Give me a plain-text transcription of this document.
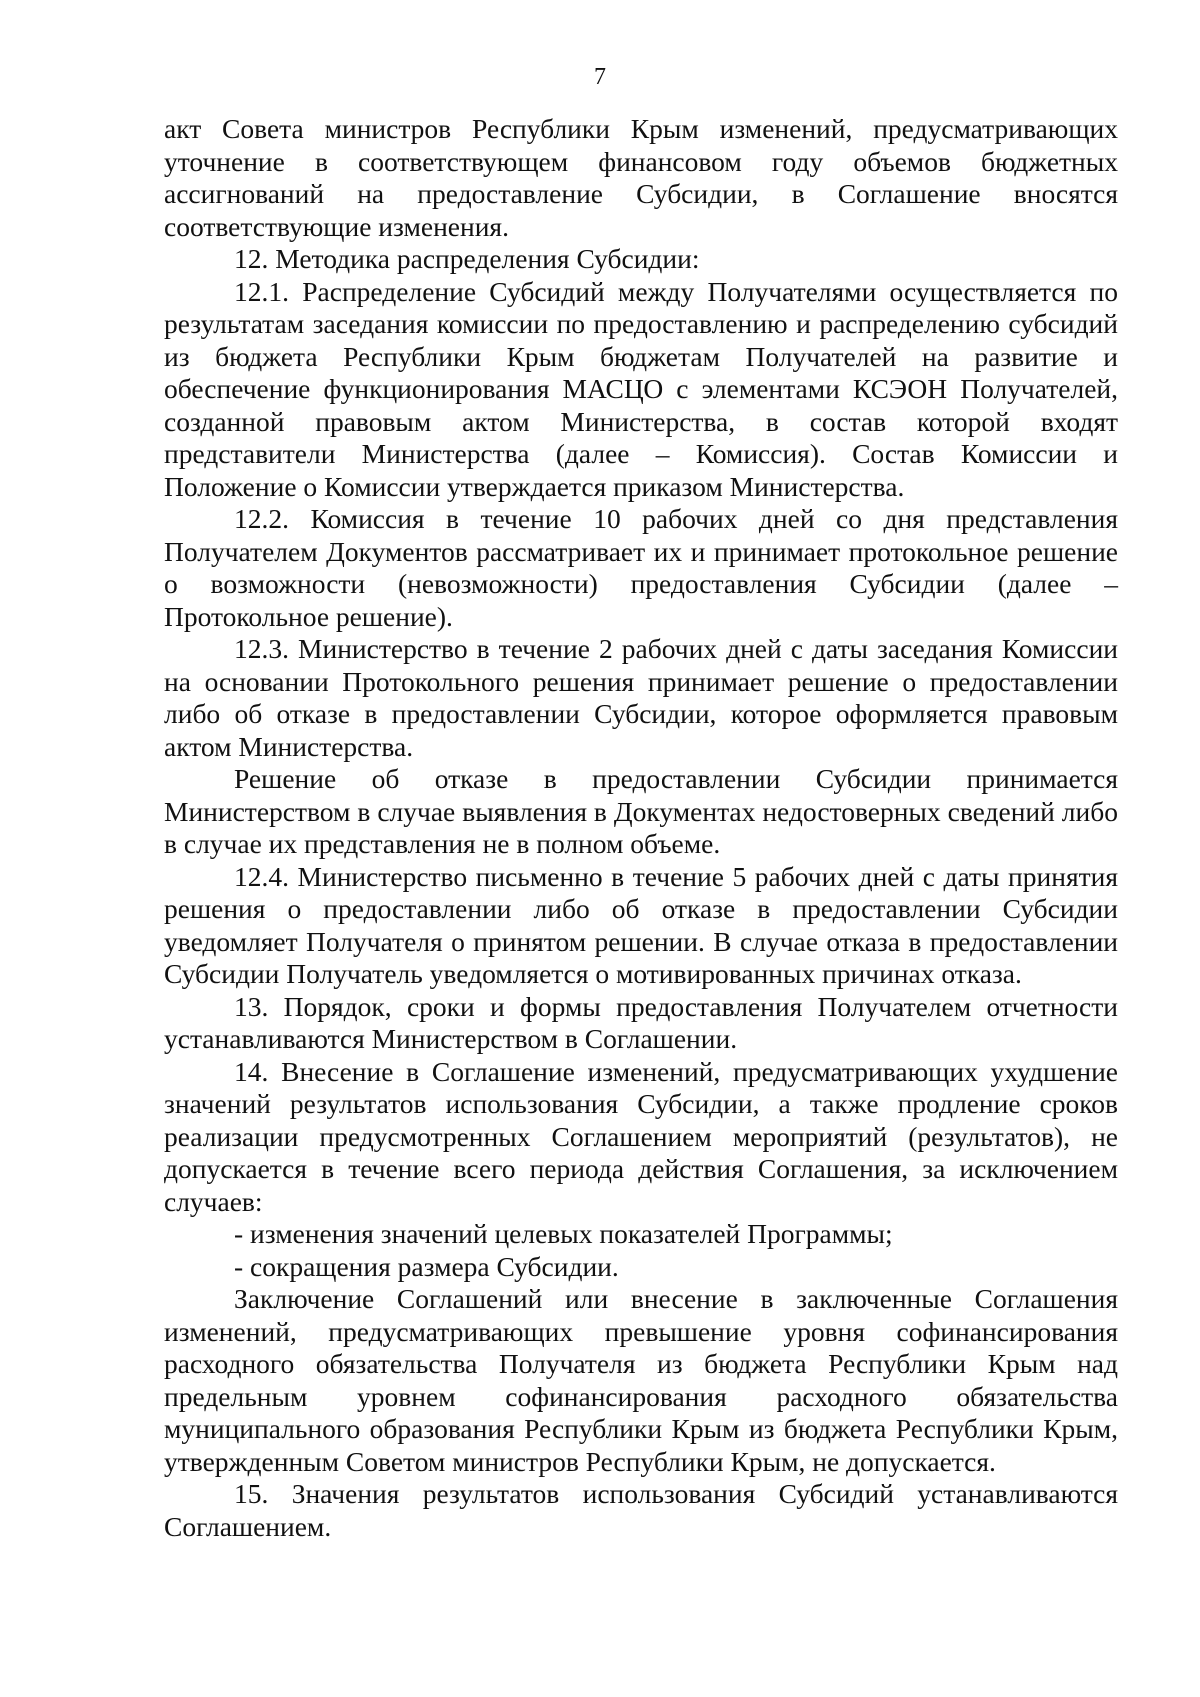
7

акт Совета министров Республики Крым изменений, предусматривающих уточнение в соответствующем финансовом году объемов бюджетных ассигнований на предоставление Субсидии, в Соглашение вносятся соответствующие изменения.

12. Методика распределения Субсидии:

12.1. Распределение Субсидий между Получателями осуществляется по результатам заседания комиссии по предоставлению и распределению субсидий из бюджета Республики Крым бюджетам Получателей на развитие и обеспечение функционирования МАСЦО с элементами КСЭОН Получателей, созданной правовым актом Министерства, в состав которой входят представители Министерства (далее – Комиссия). Состав Комиссии и Положение о Комиссии утверждается приказом Министерства.

12.2. Комиссия в течение 10 рабочих дней со дня представления Получателем Документов рассматривает их и принимает протокольное решение о возможности (невозможности) предоставления Субсидии (далее – Протокольное решение).

12.3. Министерство в течение 2 рабочих дней с даты заседания Комиссии на основании Протокольного решения принимает решение о предоставлении либо об отказе в предоставлении Субсидии, которое оформляется правовым актом Министерства.

Решение об отказе в предоставлении Субсидии принимается Министерством в случае выявления в Документах недостоверных сведений либо в случае их представления не в полном объеме.

12.4. Министерство письменно в течение 5 рабочих дней с даты принятия решения о предоставлении либо об отказе в предоставлении Субсидии уведомляет Получателя о принятом решении. В случае отказа в предоставлении Субсидии Получатель уведомляется о мотивированных причинах отказа.

13. Порядок, сроки и формы предоставления Получателем отчетности устанавливаются Министерством в Соглашении.

14. Внесение в Соглашение изменений, предусматривающих ухудшение значений результатов использования Субсидии, а также продление сроков реализации предусмотренных Соглашением мероприятий (результатов), не допускается в течение всего периода действия Соглашения, за исключением случаев:

- изменения значений целевых показателей Программы;

- сокращения размера Субсидии.

Заключение Соглашений или внесение в заключенные Соглашения изменений, предусматривающих превышение уровня софинансирования расходного обязательства Получателя из бюджета Республики Крым над предельным уровнем софинансирования расходного обязательства муниципального образования Республики Крым из бюджета Республики Крым, утвержденным Советом министров Республики Крым, не допускается.

15. Значения результатов использования Субсидий устанавливаются Соглашением.
